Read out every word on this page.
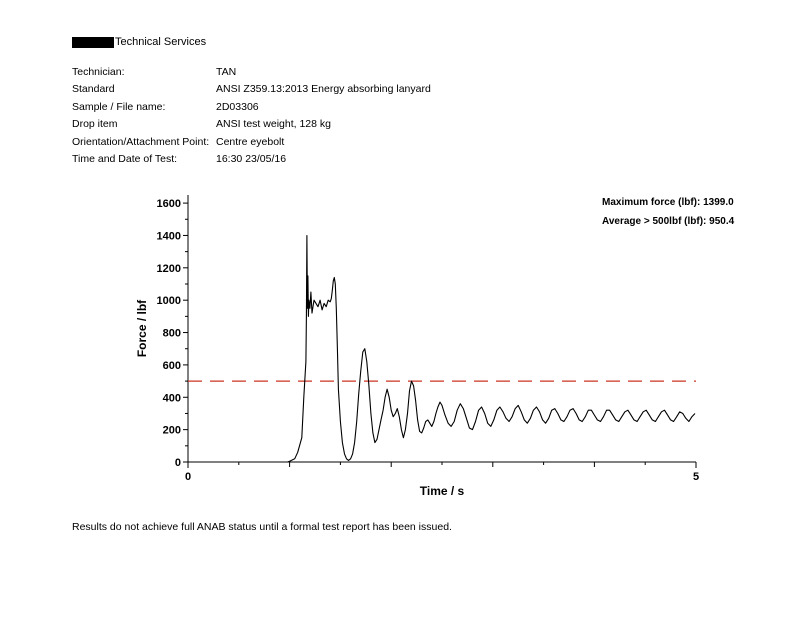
Technical Services
Technician:	TAN
Standard	ANSI Z359.13:2013 Energy absorbing lanyard
Sample / File name:	2D03306
Drop item	ANSI test weight, 128 kg
Orientation/Attachment Point: Centre eyebolt
Time and Date of Test:	16:30 23/05/16
Maximum force (lbf): 1399.0
Average > 500lbf (lbf): 950.4
0
200
400
600
800
1000
1200
1400
1600
0	5
Time / s
Force / lbf
Results do not achieve full ANAB status until a formal test report has been issued.
